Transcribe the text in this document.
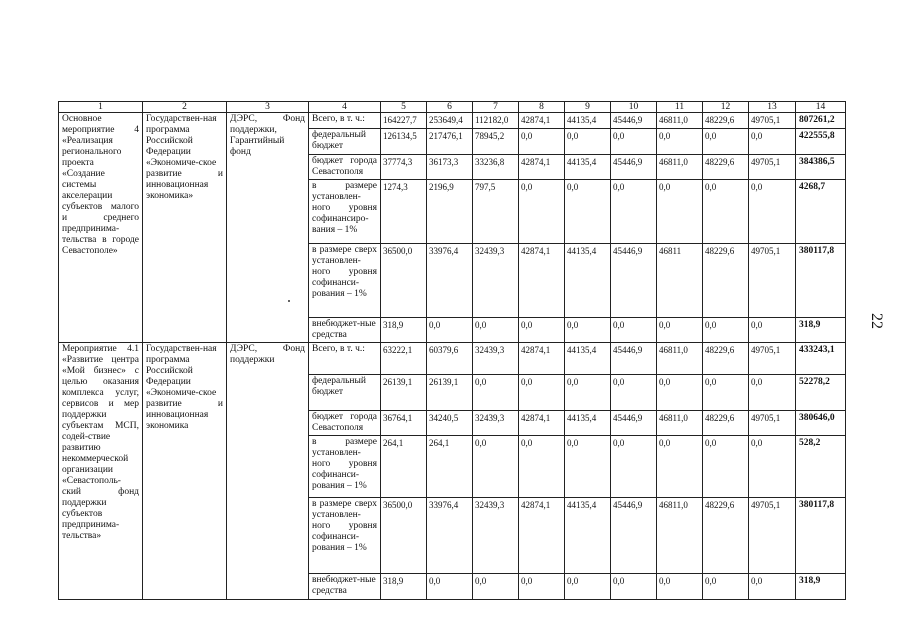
1	2	3	4	5	6	7	8	9	10	11	12	13	14
Основное мероприятие 4 «Реализация регионального проекта «Создание системы акселерации субъектов малого и среднего предпринима-тельства в городе Севастополе»	Государствен-ная программа Российской Федерации «Экономиче-ское развитие и инновационная экономика»	ДЭРС, Фонд поддержки, Гарантийный фонд	Всего, в т. ч.:	164227,7	253649,4	112182,0	42874,1	44135,4	45446,9	46811,0	48229,6	49705,1	807261,2
			федеральный бюджет	126134,5	217476,1	78945,2	0,0	0,0	0,0	0,0	0,0	0,0	422555,8
			бюджет города Севастополя	37774,3	36173,3	33236,8	42874,1	44135,4	45446,9	46811,0	48229,6	49705,1	384386,5
			в размере установлен-ного уровня софинансиро-вания – 1%	1274,3	2196,9	797,5	0,0	0,0	0,0	0,0	0,0	0,0	4268,7
			в размере сверх установлен-ного уровня софинанси-рования – 1%	36500,0	33976,4	32439,3	42874,1	44135,4	45446,9	46811	48229,6	49705,1	380117,8
			внебюджет-ные средства	318,9	0,0	0,0	0,0	0,0	0,0	0,0	0,0	0,0	318,9
Мероприятие 4.1 «Развитие центра «Мой бизнес» с целью оказания комплекса услуг, сервисов и мер поддержки субъектам МСП, содей-ствие развитию некоммерческой организации «Севастополь-ский фонд поддержки субъектов предпринима-тельства»	Государствен-ная программа Российской Федерации «Экономиче-ское развитие и инновационная экономика	ДЭРС, Фонд поддержки	Всего, в т. ч.:	63222,1	60379,6	32439,3	42874,1	44135,4	45446,9	46811,0	48229,6	49705,1	433243,1
			федеральный бюджет	26139,1	26139,1	0,0	0,0	0,0	0,0	0,0	0,0	0,0	52278,2
			бюджет города Севастополя	36764,1	34240,5	32439,3	42874,1	44135,4	45446,9	46811,0	48229,6	49705,1	380646,0
			в размере установлен-ного уровня софинанси-рования – 1%	264,1	264,1	0,0	0,0	0,0	0,0	0,0	0,0	0,0	528,2
			в размере сверх установлен-ного уровня софинанси-рования – 1%	36500,0	33976,4	32439,3	42874,1	44135,4	45446,9	46811,0	48229,6	49705,1	380117,8
			внебюджет-ные средства	318,9	0,0	0,0	0,0	0,0	0,0	0,0	0,0	0,0	318,9
22
